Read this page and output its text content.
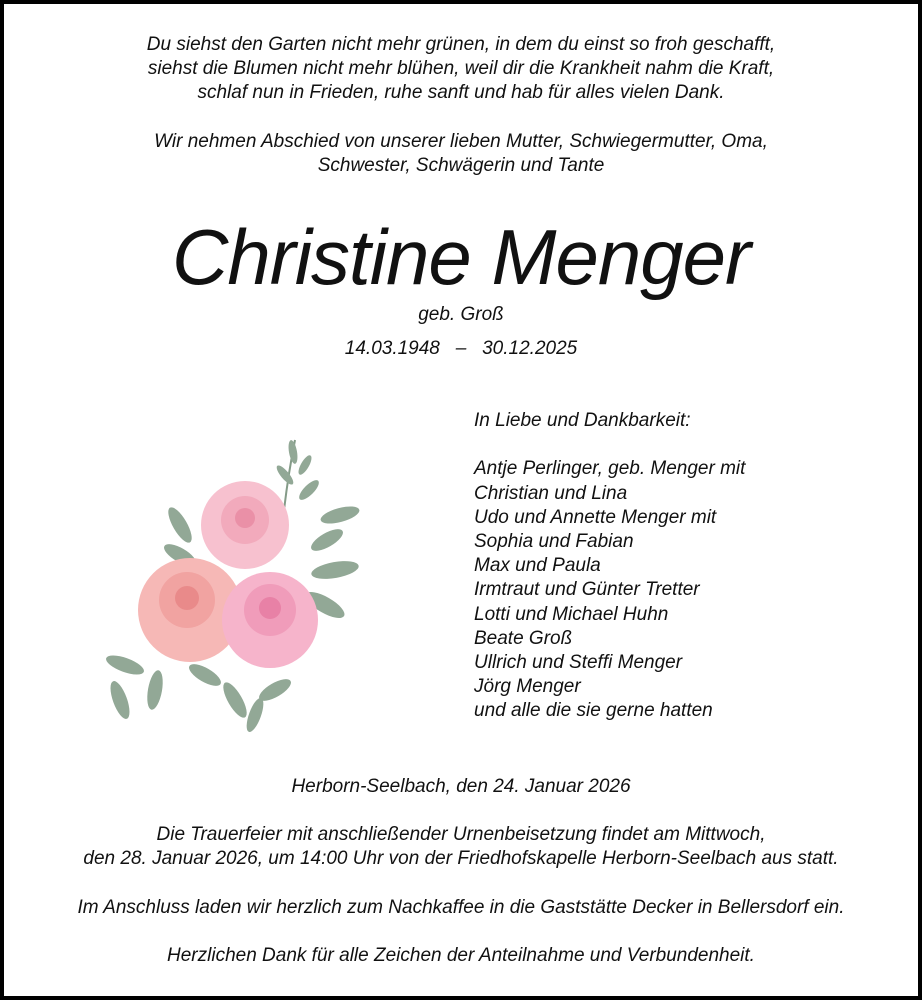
Du siehst den Garten nicht mehr grünen, in dem du einst so froh geschafft,
siehst die Blumen nicht mehr blühen, weil dir die Krankheit nahm die Kraft,
schlaf nun in Frieden, ruhe sanft und hab für alles vielen Dank.
Wir nehmen Abschied von unserer lieben Mutter, Schwiegermutter, Oma,
Schwester, Schwägerin und Tante
Christine Menger
geb. Groß
14.03.1948   –   30.12.2025
In Liebe und Dankbarkeit:

Antje Perlinger, geb. Menger mit
Christian und Lina
Udo und Annette Menger mit
Sophia und Fabian
Max und Paula
Irmtraut und Günter Tretter
Lotti und Michael Huhn
Beate Groß
Ullrich und Steffi Menger
Jörg Menger
und alle die sie gerne hatten
Herborn-Seelbach, den 24. Januar 2026
Die Trauerfeier mit anschließender Urnenbeisetzung findet am Mittwoch,
den 28. Januar 2026, um 14:00 Uhr von der Friedhofskapelle Herborn-Seelbach aus statt.
Im Anschluss laden wir herzlich zum Nachkaffee in die Gaststätte Decker in Bellersdorf ein.
Herzlichen Dank für alle Zeichen der Anteilnahme und Verbundenheit.
